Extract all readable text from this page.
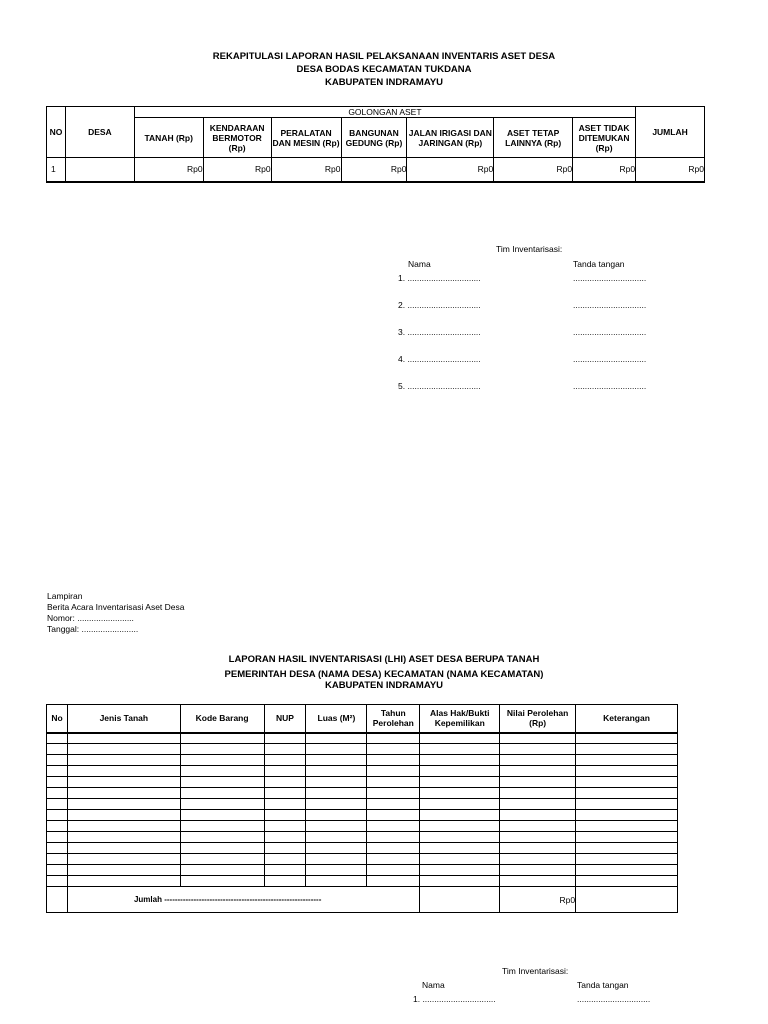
REKAPITULASI LAPORAN HASIL PELAKSANAAN INVENTARIS ASET DESA
DESA BODAS KECAMATAN TUKDANA
KABUPATEN INDRAMAYU
NO	DESA	GOLONGAN ASET							JUMLAH
		TANAH (Rp)	KENDARAAN BERMOTOR (Rp)	PERALATAN DAN MESIN (Rp)	BANGUNAN GEDUNG (Rp)	JALAN IRIGASI DAN JARINGAN (Rp)	ASET TETAP LAINNYA (Rp)	ASET TIDAK DITEMUKAN (Rp)	
1		Rp0	Rp0	Rp0	Rp0	Rp0	Rp0	Rp0	Rp0
Tim Inventarisasi:
Nama	Tanda tangan
1. ...............................	...............................
2. ...............................	...............................
3. ...............................	...............................
4. ...............................	...............................
5. ...............................	...............................
Lampiran
Berita Acara Inventarisasi Aset Desa
Nomor: ........................
Tanggal: ........................
LAPORAN HASIL INVENTARISASI (LHI) ASET DESA BERUPA TANAH
PEMERINTAH DESA (NAMA DESA) KECAMATAN (NAMA KECAMATAN)
KABUPATEN INDRAMAYU
No	Jenis Tanah	Kode Barang	NUP	Luas (M²)	Tahun Perolehan	Alas Hak/Bukti Kepemilikan	Nilai Perolehan (Rp)	Keterangan

	Jumlah -----------------------------------------------------------						Rp0	
Tim Inventarisasi:
Nama	Tanda tangan
1. ...............................	...............................
